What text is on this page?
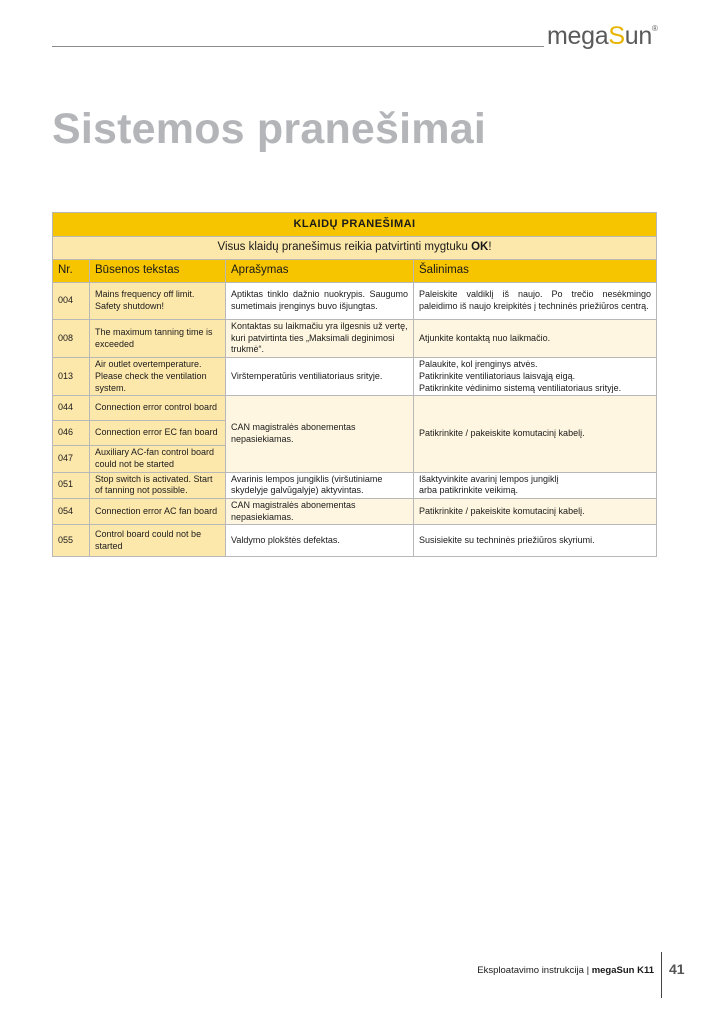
megaSun®
Sistemos pranešimai
KLAIDŲ PRANEŠIMAI			
Visus klaidų pranešimus reikia patvirtinti mygtuku OK!			
Nr.	Būsenos tekstas	Aprašymas	Šalinimas
004	Mains frequency off limit. Safety shutdown!	Aptiktas tinklo dažnio nuokrypis. Saugumo sumetimais įrenginys buvo išjungtas.	Paleiskite valdiklį iš naujo. Po trečio nesėkmingo paleidimo iš naujo kreipkitės į techninės priežiūros centrą.
008	The maximum tanning time is exceeded	Kontaktas su laikmačiu yra ilgesnis už vertę, kuri patvirtinta ties „Maksimali deginimosi trukmė“.	Atjunkite kontaktą nuo laikmačio.
013	Air outlet overtemperature. Please check the ventilation system.	Virštemperatūris ventiliatoriaus srityje.	Palaukite, kol įrenginys atvės.
Patikrinkite ventiliatoriaus laisvąją eigą.
Patikrinkite vėdinimo sistemą ventiliatoriaus srityje.
044	Connection error control board	CAN magistralės abonementas nepasiekiamas.	Patikrinkite / pakeiskite komutacinį kabelį.
046	Connection error EC fan board		
047	Auxiliary AC-fan control board could not be started		
051	Stop switch is activated. Start of tanning not possible.	Avarinis lempos jungiklis (viršutiniame skydelyje galvūgalyje) aktyvintas.	Išaktyvinkite avarinį lempos jungiklį
arba patikrinkite veikimą.
054	Connection error AC fan board	CAN magistralės abonementas nepasiekiamas.	Patikrinkite / pakeiskite komutacinį kabelį.
055	Control board could not be started	Valdymo plokštės defektas.	Susisiekite su techninės priežiūros skyriumi.
Eksploatavimo instrukcija | megaSun K11 41
